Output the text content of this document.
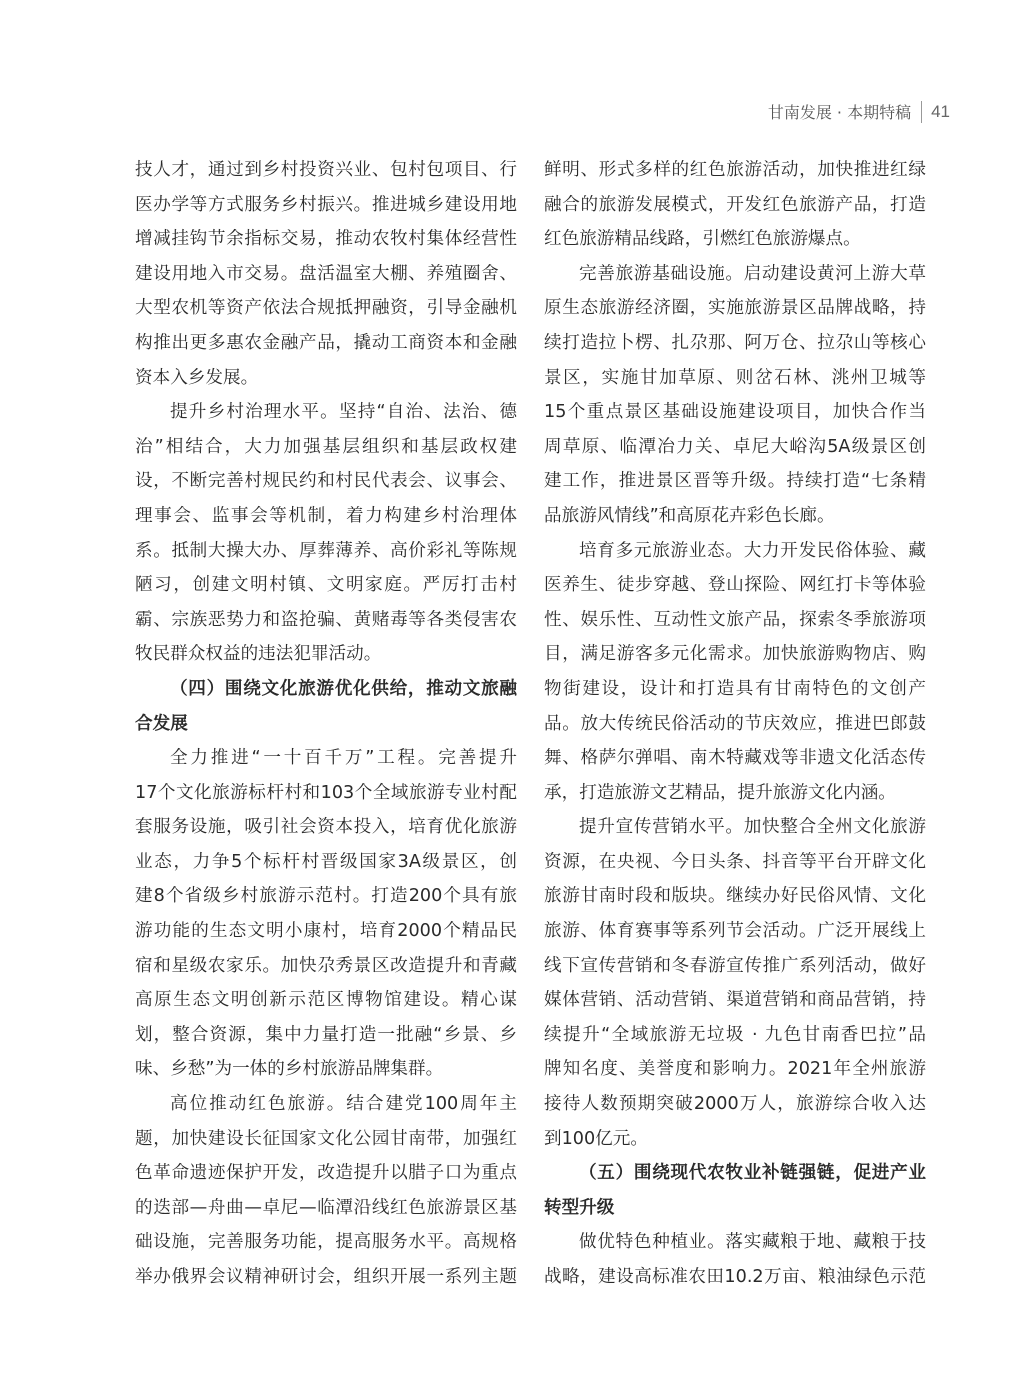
甘南发展 · 本期特稿 41
技人才，通过到乡村投资兴业、包村包项目、行
医办学等方式服务乡村振兴。推进城乡建设用地
增减挂钩节余指标交易，推动农牧村集体经营性
建设用地入市交易。盘活温室大棚、养殖圈舍、
大型农机等资产依法合规抵押融资，引导金融机
构推出更多惠农金融产品，撬动工商资本和金融
资本入乡发展。
提升乡村治理水平。坚持“自治、法治、德
治”相结合，大力加强基层组织和基层政权建
设，不断完善村规民约和村民代表会、议事会、
理事会、监事会等机制，着力构建乡村治理体
系。抵制大操大办、厚葬薄养、高价彩礼等陈规
陋习，创建文明村镇、文明家庭。严厉打击村
霸、宗族恶势力和盗抢骗、黄赌毒等各类侵害农
牧民群众权益的违法犯罪活动。
（四）围绕文化旅游优化供给，推动文旅融
合发展
全力推进“一十百千万”工程。完善提升
17个文化旅游标杆村和103个全域旅游专业村配
套服务设施，吸引社会资本投入，培育优化旅游
业态，力争5个标杆村晋级国家3A级景区，创
建8个省级乡村旅游示范村。打造200个具有旅
游功能的生态文明小康村，培育2000个精品民
宿和星级农家乐。加快尕秀景区改造提升和青藏
高原生态文明创新示范区博物馆建设。精心谋
划，整合资源，集中力量打造一批融“乡景、乡
味、乡愁”为一体的乡村旅游品牌集群。
高位推动红色旅游。结合建党100周年主
题，加快建设长征国家文化公园甘南带，加强红
色革命遗迹保护开发，改造提升以腊子口为重点
的迭部—舟曲—卓尼—临潭沿线红色旅游景区基
础设施，完善服务功能，提高服务水平。高规格
举办俄界会议精神研讨会，组织开展一系列主题
鲜明、形式多样的红色旅游活动，加快推进红绿
融合的旅游发展模式，开发红色旅游产品，打造
红色旅游精品线路，引燃红色旅游爆点。
完善旅游基础设施。启动建设黄河上游大草
原生态旅游经济圈，实施旅游景区品牌战略，持
续打造拉卜楞、扎尕那、阿万仓、拉尕山等核心
景区，实施甘加草原、则岔石林、洮州卫城等
15个重点景区基础设施建设项目，加快合作当
周草原、临潭冶力关、卓尼大峪沟5A级景区创
建工作，推进景区晋等升级。持续打造“七条精
品旅游风情线”和高原花卉彩色长廊。
培育多元旅游业态。大力开发民俗体验、藏
医养生、徒步穿越、登山探险、网红打卡等体验
性、娱乐性、互动性文旅产品，探索冬季旅游项
目，满足游客多元化需求。加快旅游购物店、购
物街建设，设计和打造具有甘南特色的文创产
品。放大传统民俗活动的节庆效应，推进巴郎鼓
舞、格萨尔弹唱、南木特藏戏等非遗文化活态传
承，打造旅游文艺精品，提升旅游文化内涵。
提升宣传营销水平。加快整合全州文化旅游
资源，在央视、今日头条、抖音等平台开辟文化
旅游甘南时段和版块。继续办好民俗风情、文化
旅游、体育赛事等系列节会活动。广泛开展线上
线下宣传营销和冬春游宣传推广系列活动，做好
媒体营销、活动营销、渠道营销和商品营销，持
续提升“全域旅游无垃圾 · 九色甘南香巴拉”品
牌知名度、美誉度和影响力。2021年全州旅游
接待人数预期突破2000万人，旅游综合收入达
到100亿元。
（五）围绕现代农牧业补链强链，促进产业
转型升级
做优特色种植业。落实藏粮于地、藏粮于技
战略，建设高标准农田10.2万亩、粮油绿色示范
